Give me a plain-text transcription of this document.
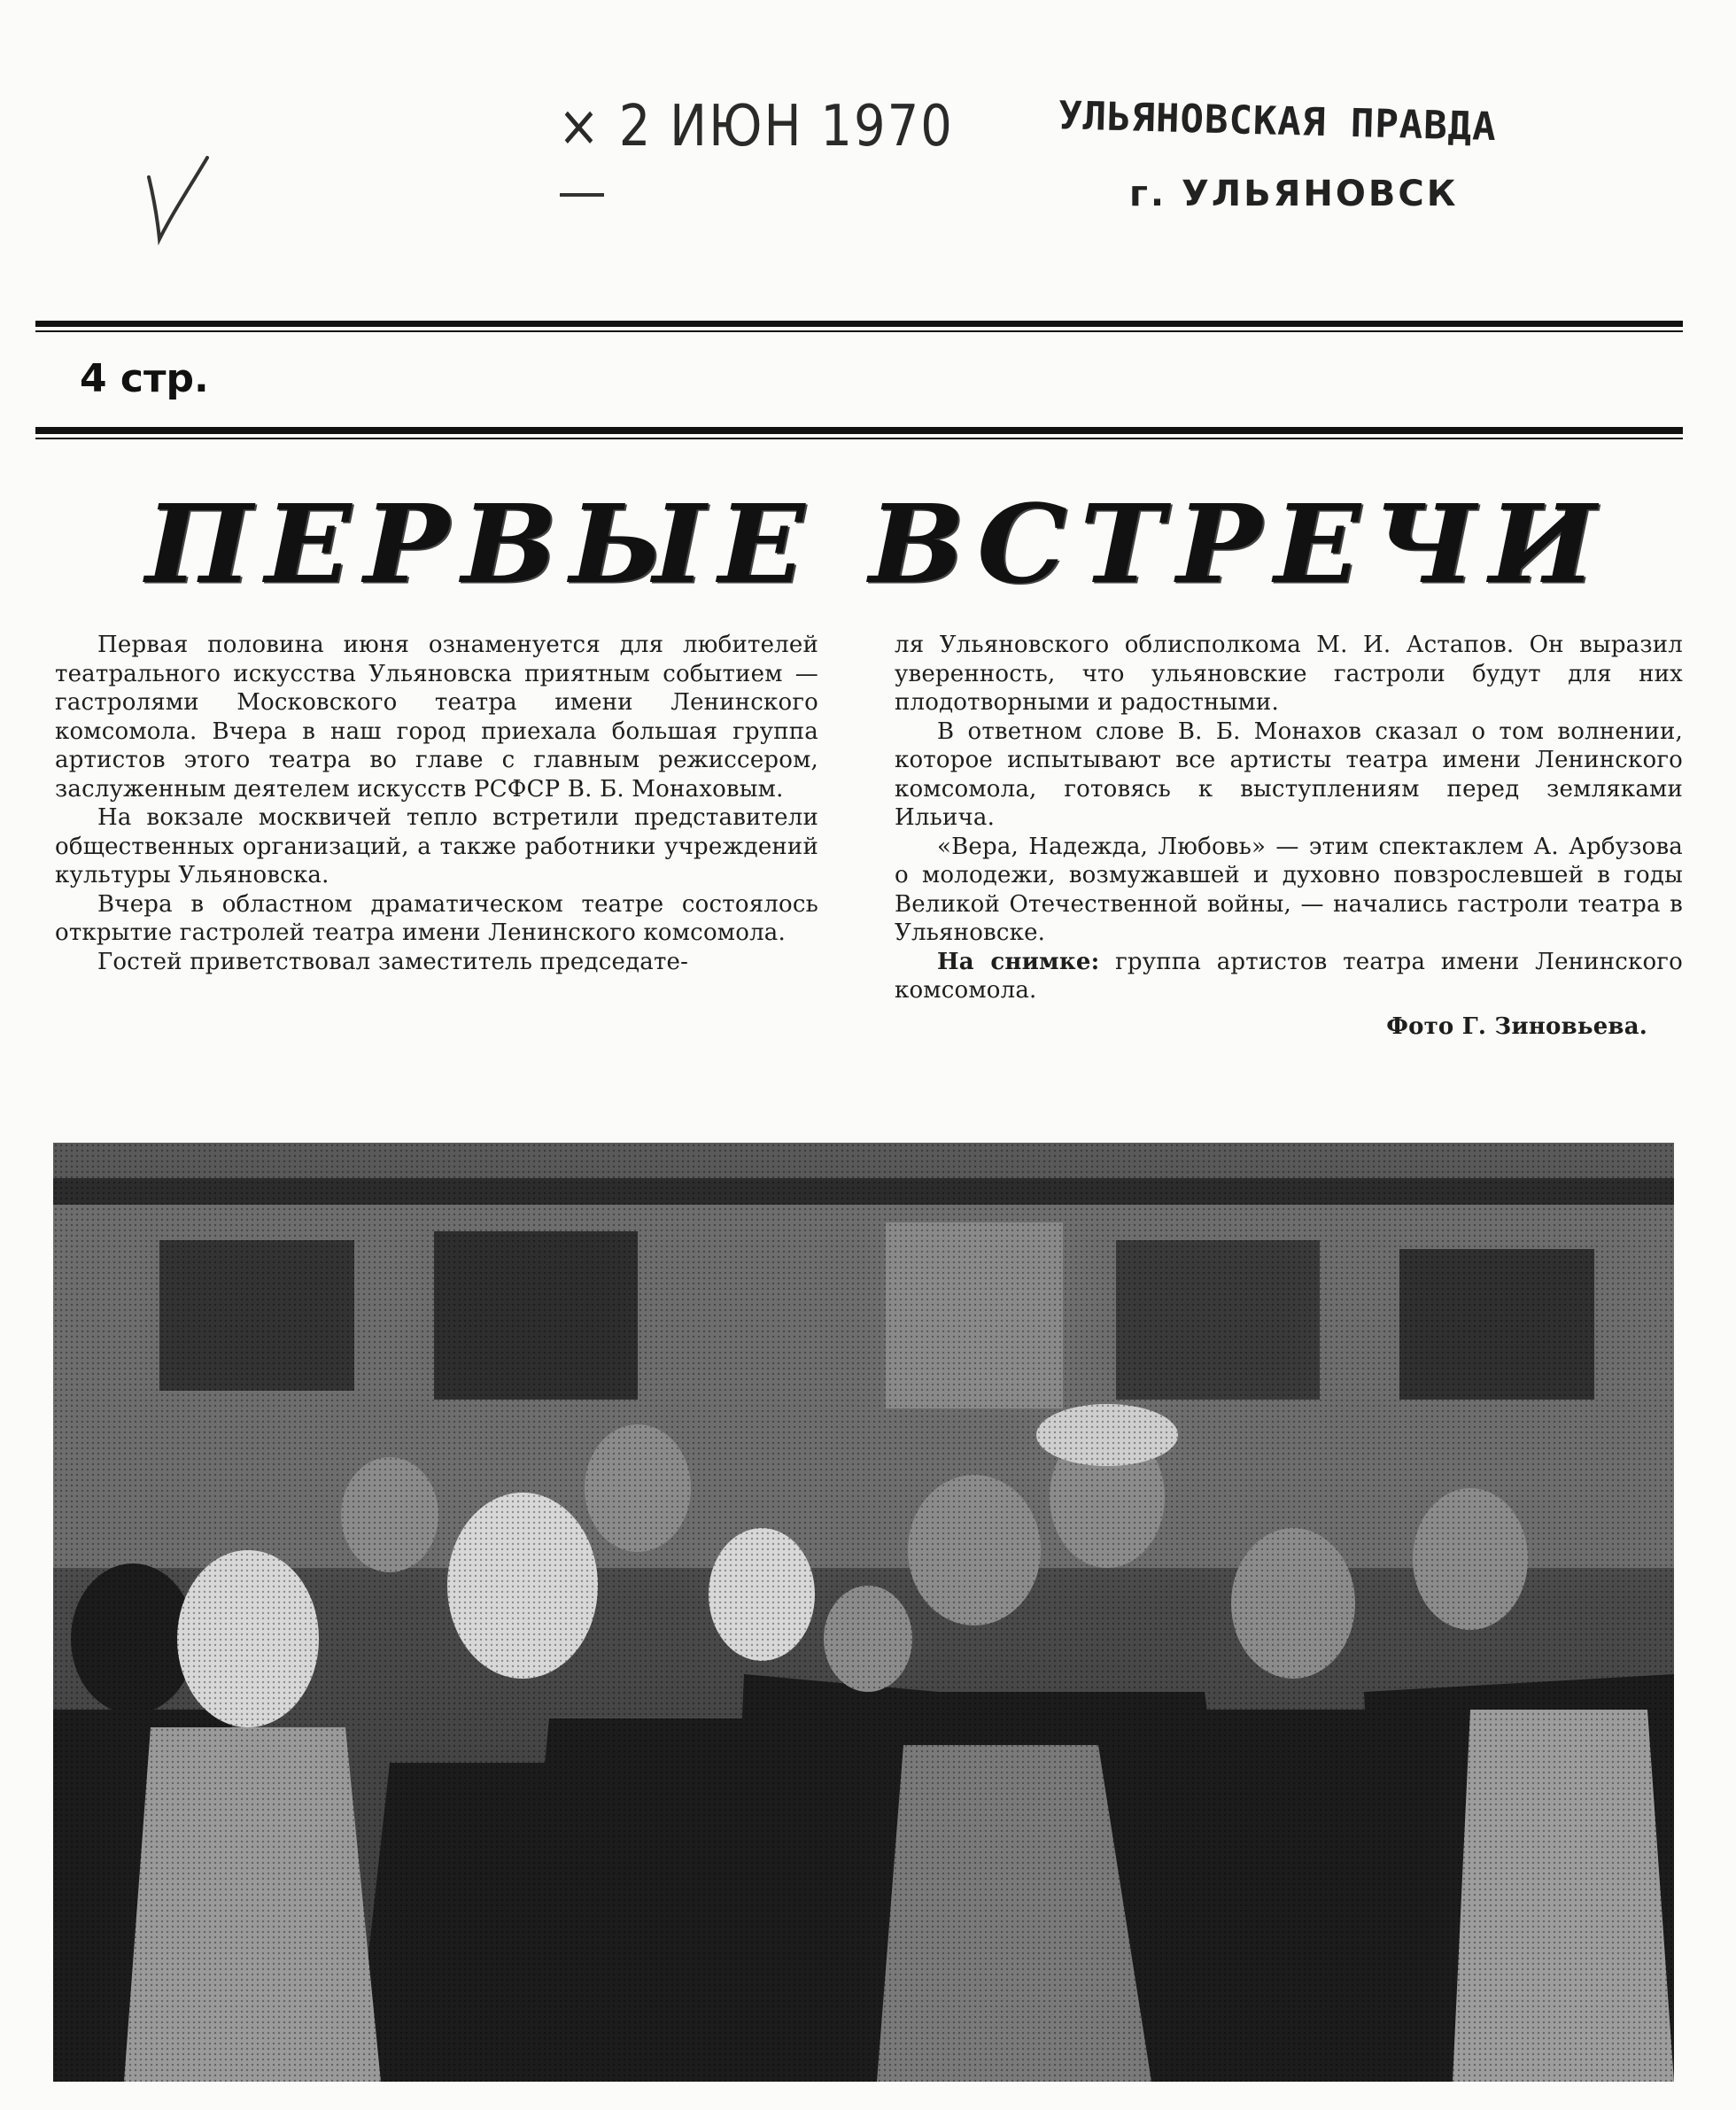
× 2 ИЮН 1970	УЛЬЯНОВСКАЯ ПРАВДА
г. УЛЬЯНОВСК
4 стр.
ПЕРВЫЕ ВСТРЕЧИ

Первая половина июня ознаменуется для любителей театрального искусства Ульяновска приятным событием — гастролями Московского театра имени Ленинского комсомола. Вчера в наш город приехала большая группа артистов этого театра во главе с главным режиссером, заслуженным деятелем искусств РСФСР В. Б. Монаховым.

На вокзале москвичей тепло встретили представители общественных организаций, а также работники учреждений культуры Ульяновска.

Вчера в областном драматическом театре состоялось открытие гастролей театра имени Ленинского комсомола.

Гостей приветствовал заместитель председате-

ля Ульяновского облисполкома М. И. Астапов. Он выразил уверенность, что ульяновские гастроли будут для них плодотворными и радостными.

В ответном слове В. Б. Монахов сказал о том волнении, которое испытывают все артисты театра имени Ленинского комсомола, готовясь к выступлениям перед земляками Ильича.

«Вера, Надежда, Любовь» — этим спектаклем А. Арбузова о молодежи, возмужавшей и духовно повзрослевшей в годы Великой Отечественной войны, — начались гастроли театра в Ульяновске.

На снимке: группа артистов театра имени Ленинского комсомола.

Фото Г. Зиновьева.
